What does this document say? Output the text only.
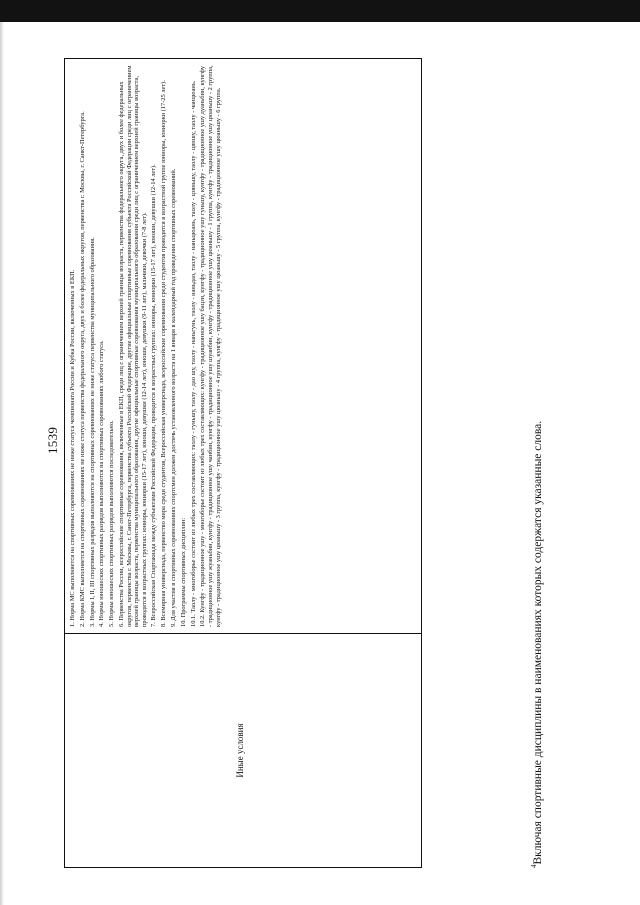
1539
Иные условия

1. Норма МС выполняется на спортивных соревнованиях не ниже статуса чемпионата России и Кубка России, включенных в ЕКП. 2. Норма КМС выполняется на спортивных соревнованиях не ниже статуса первенства федерального округа, двух и более федеральных округов, первенства г. Москвы, г. Санкт-Петербурга. 3. Нормы I, II, III спортивных разрядов выполняются на спортивных соревнованиях не ниже статуса первенства муниципального образования. 4. Нормы юношеских спортивных разрядов выполняются на спортивных соревнованиях любого статуса. 5. Нормы юношеских спортивных разрядов выполняются последовательно. 6. Первенства России, всероссийские спортивные соревнования, включенные в ЕКП, среди лиц с ограничением верхней границы возраста, первенства федерального округа, двух и более федеральных округов, первенства г. Москвы, г. Санкт-Петербурга, первенства субъекта Российской Федерации, другие официальные спортивные соревнования субъекта Российской Федерации среди лиц с ограничением верхней границы возраста, первенства муниципального образования, другие официальные спортивные соревнования муниципального образования среди лиц с ограничением верхней границы возраста, проводятся в возрастных группах: юниоры, юниорки (15-17 лет), юноши, девушки (12-14 лет), юноши, девушки (9-11 лет), мальчики, девочки (7-8 лет). 7. Всероссийская Спартакиада между субъектами Российской Федерации, проводится в возрастных группах: юниоры, юниорки (15-17 лет), юноши, девушки (12-14 лет). 8. Всемирная универсиада, первенство мира среди студентов, Всероссийская универсиада, всероссийские соревнования среди студентов проводятся в возрастной группе юниоры, юниорки (17-25 лет). 9. Для участия в спортивных соревнованиях спортсмен должен достичь установленного возраста на 1 января в календарный год проведения спортивных соревнований. 10. Программы спортивных дисциплин: 10.1. Таолу - многоборье состоит из любых трех составляющих: таолу - гуньшу, таолу - дао шу, таолу - наньгунь, таолу - наньдао, таолу - наньцюань, таолу - цзяньшу, таолу - цяншу, таолу - чанцюань. 10.2. Кунгфу - традиционное ушу - многоборье состоит из любых трех составляющих: кунгфу - традиционное ушу бацзи, кунгфу - традиционное ушу гуньшу, кунгфу - традиционное ушу дуаньбин, кунгфу - традиционное ушу жуаньбин, кунгфу - традиционное ушу чанбин, кунгфу - традиционное ушу шуанбин, кунгфу - традиционное ушу цюаньшу - 1 группа, кунгфу - традиционное ушу цюаньшу - 2 группа, кунгфу - традиционное ушу цюаньшу - 3 группа, кунгфу - традиционное ушу цюаньшу - 4 группа, кунгфу - традиционное ушу цюаньшу - 5 группа, кунгфу - традиционное ушу цюаньшу - 6 группа.

$^4$Включая спортивные дисциплины в наименованиях которых содержатся указанные слова.
